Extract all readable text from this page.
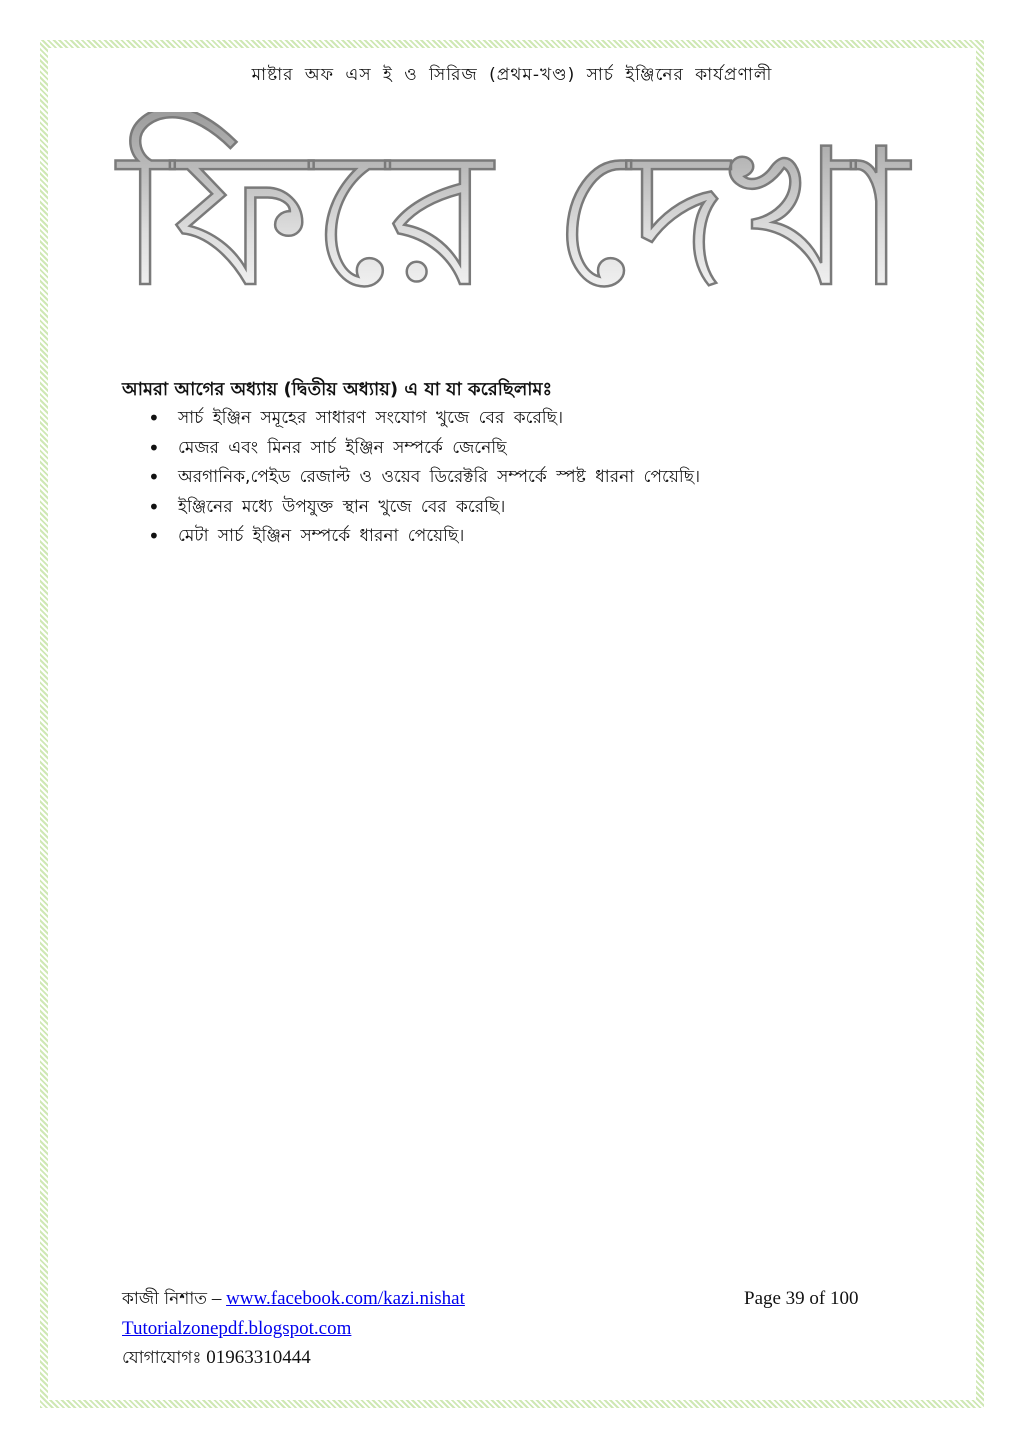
মাষ্টার অফ এস ই ও সিরিজ (প্রথম-খণ্ড) সার্চ ইঞ্জিনের কার্যপ্রণালী
ফিরে দেখা
আমরা আগের অধ্যায় (দ্বিতীয় অধ্যায়) এ যা যা করেছিলামঃ
•	সার্চ ইঞ্জিন সমূহের সাধারণ সংযোগ খুজে বের করেছি।
•	মেজর এবং মিনর সার্চ ইঞ্জিন সম্পর্কে জেনেছি
•	অরগানিক,পেইড রেজাল্ট ও ওয়েব ডিরেক্টরি সম্পর্কে স্পষ্ট ধারনা পেয়েছি।
•	ইঞ্জিনের মধ্যে উপযুক্ত স্থান খুজে বের করেছি।
•	মেটা সার্চ ইঞ্জিন সম্পর্কে ধারনা পেয়েছি।
কাজী নিশাত – www.facebook.com/kazi.nishat
Tutorialzonepdf.blogspot.com
যোগাযোগঃ 01963310444
Page 39 of 100
